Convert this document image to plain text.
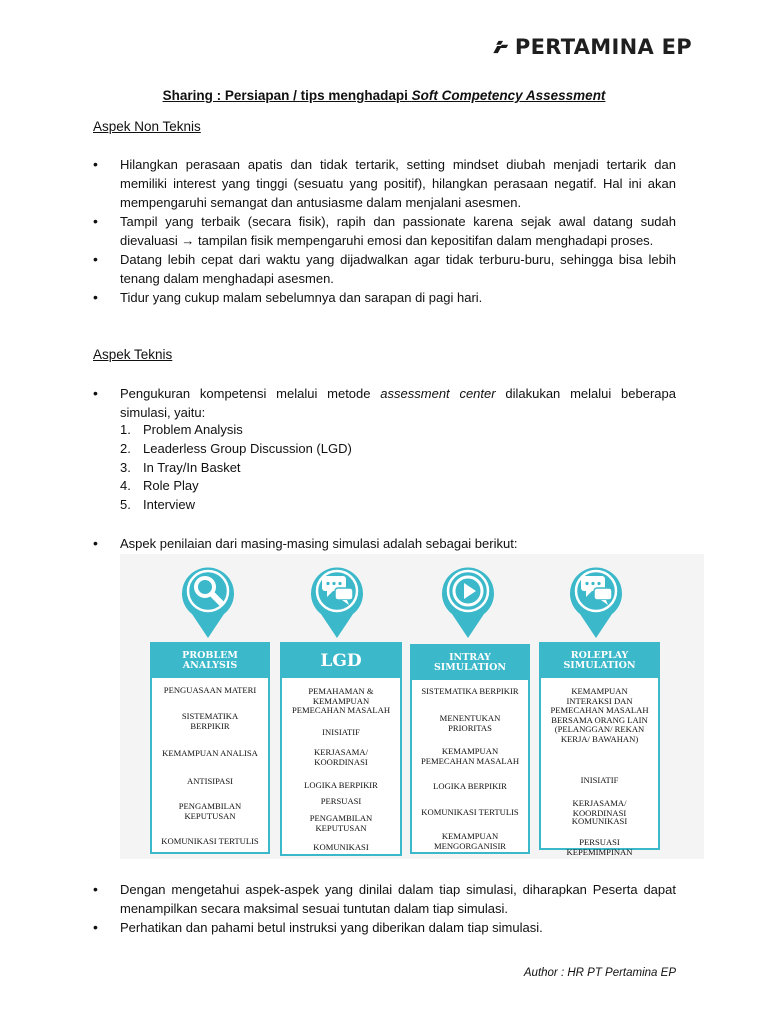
PERTAMINA EP
Sharing : Persiapan / tips menghadapi Soft Competency Assessment
Aspek Non Teknis
• Hilangkan perasaan apatis dan tidak tertarik, setting mindset diubah menjadi tertarik dan memiliki interest yang tinggi (sesuatu yang positif), hilangkan perasaan negatif. Hal ini akan mempengaruhi semangat dan antusiasme dalam menjalani asesmen.
• Tampil yang terbaik (secara fisik), rapih dan passionate karena sejak awal datang sudah dievaluasi → tampilan fisik mempengaruhi emosi dan kepositifan dalam menghadapi proses.
• Datang lebih cepat dari waktu yang dijadwalkan agar tidak terburu-buru, sehingga bisa lebih tenang dalam menghadapi asesmen.
• Tidur yang cukup malam sebelumnya dan sarapan di pagi hari.
Aspek Teknis
• Pengukuran kompetensi melalui metode assessment center dilakukan melalui beberapa simulasi, yaitu:
1. Problem Analysis
2. Leaderless Group Discussion (LGD)
3. In Tray/In Basket
4. Role Play
5. Interview
• Aspek penilaian dari masing-masing simulasi adalah sebagai berikut:
PROBLEM
ANALYSIS
PENGUASAAN MATERI
SISTEMATIKA
BERPIKIR
KEMAMPUAN ANALISA
ANTISIPASI
PENGAMBILAN
KEPUTUSAN
KOMUNIKASI TERTULIS
LGD
PEMAHAMAN &
KEMAMPUAN
PEMECAHAN MASALAH
INISIATIF
KERJASAMA/
KOORDINASI
LOGIKA BERPIKIR
PERSUASI
PENGAMBILAN
KEPUTUSAN
KOMUNIKASI
INTRAY
SIMULATION
SISTEMATIKA BERPIKIR
MENENTUKAN
PRIORITAS
KEMAMPUAN
PEMECAHAN MASALAH
LOGIKA BERPIKIR
KOMUNIKASI TERTULIS
KEMAMPUAN
MENGORGANISIR
ROLEPLAY
SIMULATION
KEMAMPUAN
INTERAKSI DAN
PEMECAHAN MASALAH
BERSAMA ORANG LAIN
(PELANGGAN/ REKAN
KERJA/ BAWAHAN)
INISIATIF
KERJASAMA/
KOORDINASI
KOMUNIKASI
PERSUASI
KEPEMIMPINAN
• Dengan mengetahui aspek-aspek yang dinilai dalam tiap simulasi, diharapkan Peserta dapat menampilkan secara maksimal sesuai tuntutan dalam tiap simulasi.
• Perhatikan dan pahami betul instruksi yang diberikan dalam tiap simulasi.
Author : HR PT Pertamina EP
